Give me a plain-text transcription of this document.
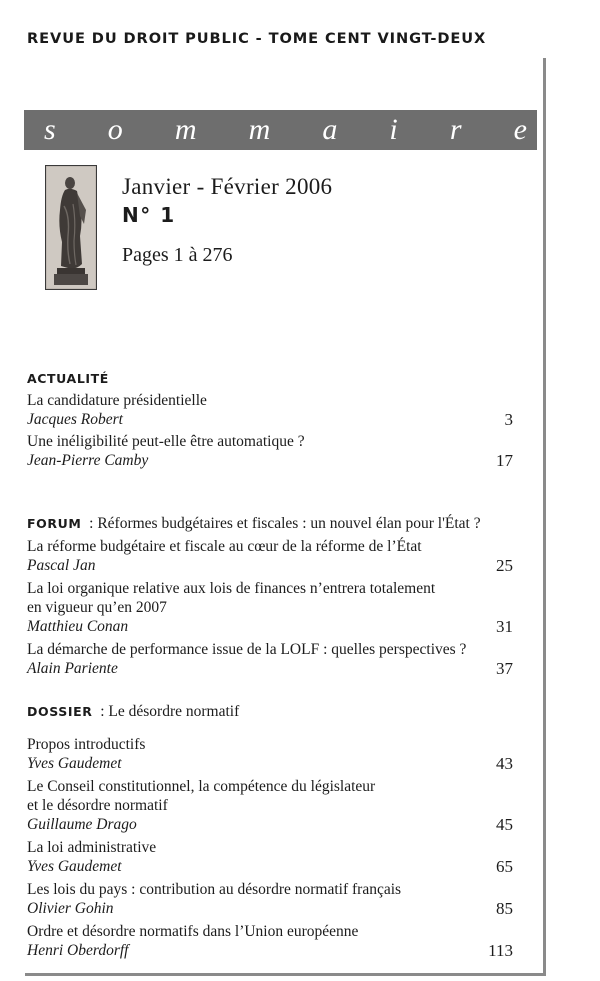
REVUE DU DROIT PUBLIC - TOME CENT VINGT-DEUX
s o m m a i r e
Janvier - Février 2006
N° 1
Pages 1 à 276
ACTUALITÉ
La candidature présidentielle
Jacques Robert	3
Une inéligibilité peut-elle être automatique ?
Jean-Pierre Camby	17
FORUM  : Réformes budgétaires et fiscales : un nouvel élan pour l'État ?
La réforme budgétaire et fiscale au cœur de la réforme de l’État
Pascal Jan	25
La loi organique relative aux lois de finances n’entrera totalement
en vigueur qu’en 2007
Matthieu Conan	31
La démarche de performance issue de la LOLF : quelles perspectives ?
Alain Pariente	37
DOSSIER  : Le désordre normatif
Propos introductifs
Yves Gaudemet	43
Le Conseil constitutionnel, la compétence du législateur
et le désordre normatif
Guillaume Drago	45
La loi administrative
Yves Gaudemet	65
Les lois du pays : contribution au désordre normatif français
Olivier Gohin	85
Ordre et désordre normatifs dans l’Union européenne
Henri Oberdorff	113
